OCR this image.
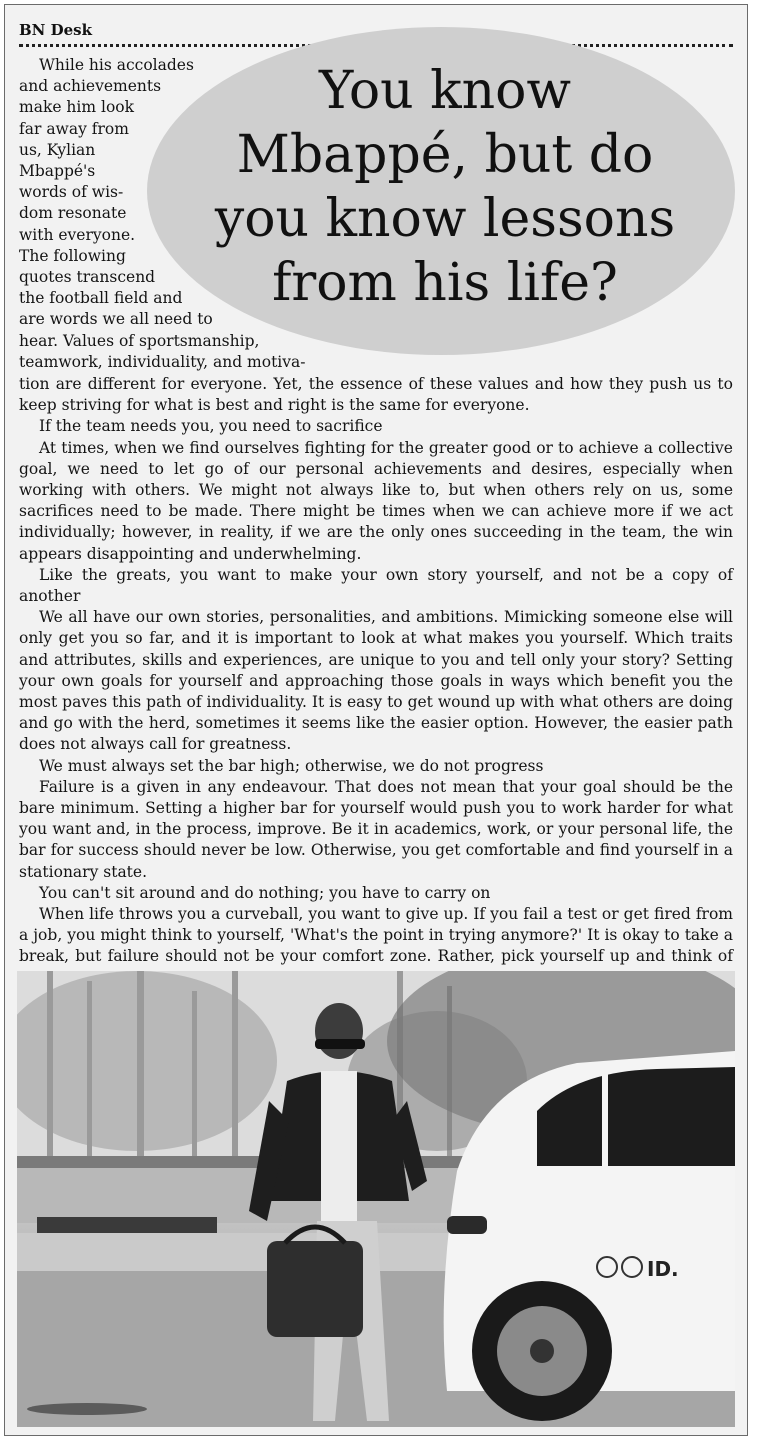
BN Desk
You know
Mbappé, but do
you know lessons
from his life?
While his accolades
and achievements
make him look
far away from
us, Kylian
Mbappé's
words of wis-
dom resonate
with everyone.
The following
quotes transcend
the football field and
are words we all need to
hear. Values of sportsmanship,
teamwork, individuality, and motiva-

tion are different for everyone. Yet, the essence of these values and how they push us to keep striving for what is best and right is the same for everyone.

If the team needs you, you need to sacrifice

At times, when we find ourselves fighting for the greater good or to achieve a collective goal, we need to let go of our personal achievements and desires, especially when working with others. We might not always like to, but when others rely on us, some sacrifices need to be made. There might be times when we can achieve more if we act individually; however, in reality, if we are the only ones succeeding in the team, the win appears disappointing and underwhelming.

Like the greats, you want to make your own story yourself, and not be a copy of another

We all have our own stories, personalities, and ambitions. Mimicking someone else will only get you so far, and it is important to look at what makes you yourself. Which traits and attributes, skills and experiences, are unique to you and tell only your story? Setting your own goals for yourself and approaching those goals in ways which benefit you the most paves this path of individuality. It is easy to get wound up with what others are doing and go with the herd, sometimes it seems like the easier option. However, the easier path does not always call for greatness.

We must always set the bar high; otherwise, we do not progress

Failure is a given in any endeavour. That does not mean that your goal should be the bare minimum. Setting a higher bar for yourself would push you to work harder for what you want and, in the process, improve. Be it in academics, work, or your personal life, the bar for success should never be low. Otherwise, you get comfortable and find yourself in a stationary state.

You can't sit around and do nothing; you have to carry on

When life throws you a curveball, you want to give up. If you fail a test or get fired from a job, you might think to yourself, 'What's the point in trying anymore?' It is okay to take a break, but failure should not be your comfort zone. Rather, pick yourself up and think of

ID.
